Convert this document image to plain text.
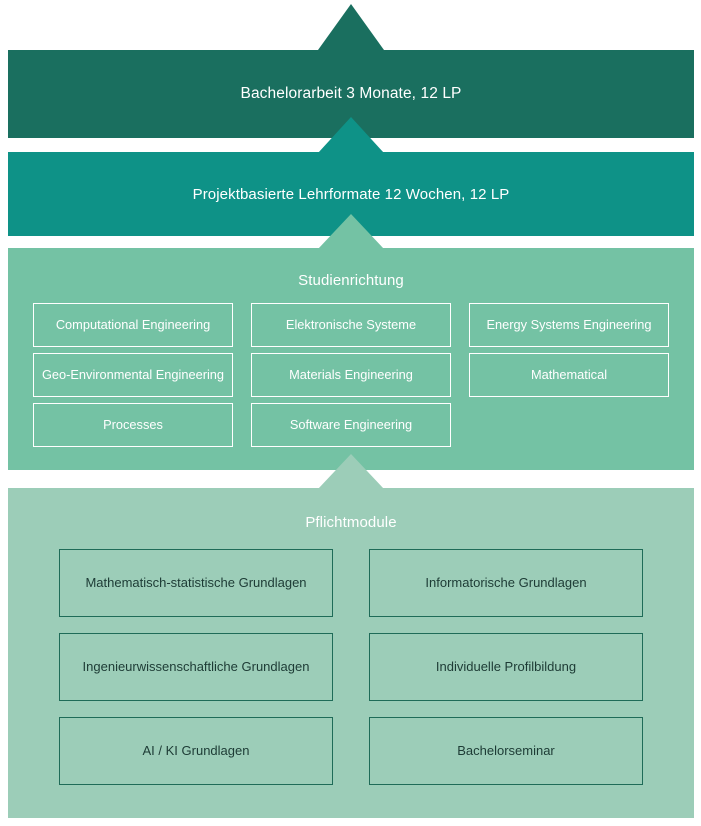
Bachelorarbeit 3 Monate, 12 LP
Projektbasierte Lehrformate 12 Wochen, 12 LP
Studienrichtung
Computational Engineering	Elektronische Systeme	Energy Systems Engineering
Geo-Environmental Engineering	Materials Engineering	Mathematical
Processes	Software Engineering
Pflichtmodule
Mathematisch-statistische Grundlagen	Informatorische Grundlagen
Ingenieurwissenschaftliche Grundlagen	Individuelle Profilbildung
AI / KI Grundlagen	Bachelorseminar
